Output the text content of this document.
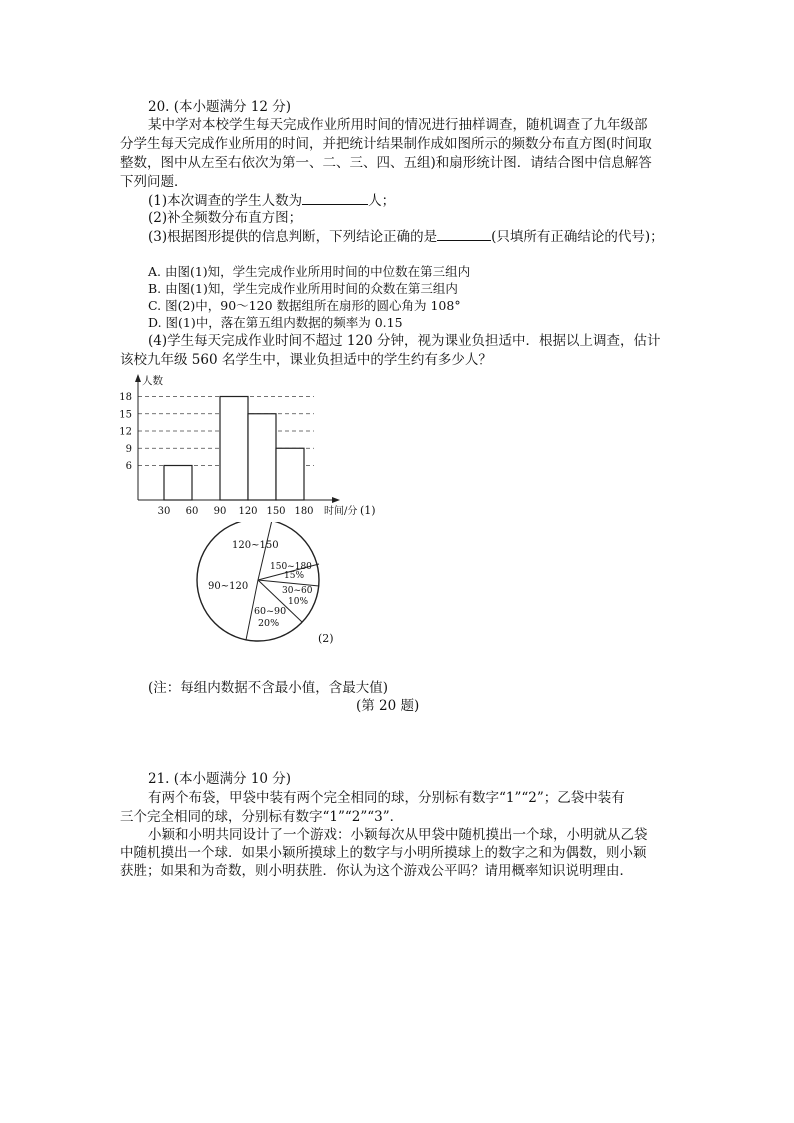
20. (本小题满分 12 分)
某中学对本校学生每天完成作业所用时间的情况进行抽样调查，随机调查了九年级部
分学生每天完成作业所用的时间，并把统计结果制作成如图所示的频数分布直方图(时间取
整数，图中从左至右依次为第一、二、三、四、五组)和扇形统计图．请结合图中信息解答
下列问题．
(1)本次调查的学生人数为	人；
(2)补全频数分布直方图；
(3)根据图形提供的信息判断，下列结论正确的是	(只填所有正确结论的代号)；
A. 由图(1)知，学生完成作业所用时间的中位数在第三组内
B. 由图(1)知，学生完成作业所用时间的众数在第三组内
C. 图(2)中，90～120 数据组所在扇形的圆心角为 108°
D. 图(1)中，落在第五组内数据的频率为 0.15
(4)学生每天完成作业时间不超过 120 分钟，视为课业负担适中．根据以上调查，估计
该校九年级 560 名学生中，课业负担适中的学生约有多少人？
6
9
12
15
18
30 60 90 120 150 180
人数
时间/分 (1)
120~150
150~180
15%
30~60
10%
60~90
20%
90~120
(2)
(注：每组内数据不含最小值，含最大值)
(第 20 题)
21. (本小题满分 10 分)
有两个布袋，甲袋中装有两个完全相同的球，分别标有数字“1”“2”；乙袋中装有
三个完全相同的球，分别标有数字“1”“2”“3”．
小颖和小明共同设计了一个游戏：小颖每次从甲袋中随机摸出一个球，小明就从乙袋
中随机摸出一个球．如果小颖所摸球上的数字与小明所摸球上的数字之和为偶数，则小颖
获胜；如果和为奇数，则小明获胜．你认为这个游戏公平吗？请用概率知识说明理由．
